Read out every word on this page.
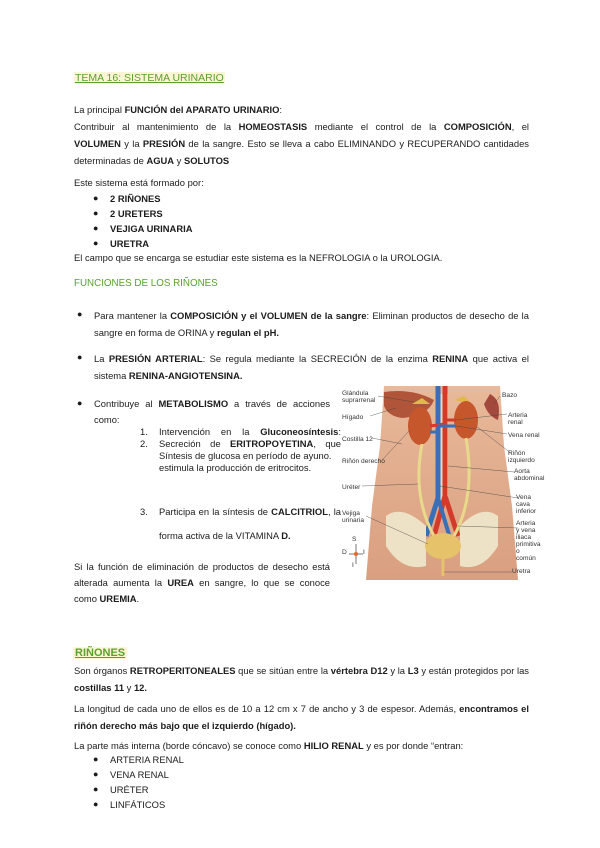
TEMA 16: SISTEMA URINARIO
La principal FUNCIÓN del APARATO URINARIO:
Contribuir al mantenimiento de la HOMEOSTASIS mediante el control de la COMPOSICIÓN, el
VOLUMEN y la PRESIÓN de la sangre. Esto se lleva a cabo ELIMINANDO y RECUPERANDO cantidades
determinadas de AGUA y SOLUTOS
Este sistema está formado por:
● 2 RIÑONES
● 2 URETERS
● VEJIGA URINARIA
● URETRA
El campo que se encarga se estudiar este sistema es la NEFROLOGIA o la UROLOGIA.
FUNCIONES DE LOS RIÑONES
● Para mantener la COMPOSICIÓN y el VOLUMEN de la sangre: Eliminan productos de desecho de la sangre en forma de ORINA y regulan el pH.
● La PRESIÓN ARTERIAL: Se regula mediante la SECRECIÓN de la enzima RENINA que activa el sistema RENINA-ANGIOTENSINA.
● Contribuye al METABOLISMO a través de acciones como:
1. Intervención en la Gluconeosíntesis: Síntesis de glucosa en período de ayuno.
2. Secreción de ERITROPOYETINA, que estimula la producción de eritrocitos.
3. Participa en la síntesis de CALCITRIOL, la forma activa de la VITAMINA D.
Si la función de eliminación de productos de desecho está alterada aumenta la UREA en sangre, lo que se conoce como UREMIA.
Glándula suprarrenal
Hígado
Costilla 12
Riñón derecho
Uréter
Vejiga urinaria
Bazo
Arteria renal
Vena renal
Riñón izquierdo
Aorta abdominal
Vena cava inferior
Arteria y vena iliaca primitiva o común
Uretra
S
I
D I
RIÑONES
Son órganos RETROPERITONEALES que se sitúan entre la vértebra D12 y la L3 y están protegidos por las costillas 11 y 12.
La longitud de cada uno de ellos es de 10 a 12 cm x 7 de ancho y 3 de espesor. Además, encontramos el riñón derecho más bajo que el izquierdo (hígado).
La parte más interna (borde cóncavo) se conoce como HILIO RENAL y es por donde “entran:
● ARTERIA RENAL
● VENA RENAL
● URÉTER
● LINFÁTICOS
